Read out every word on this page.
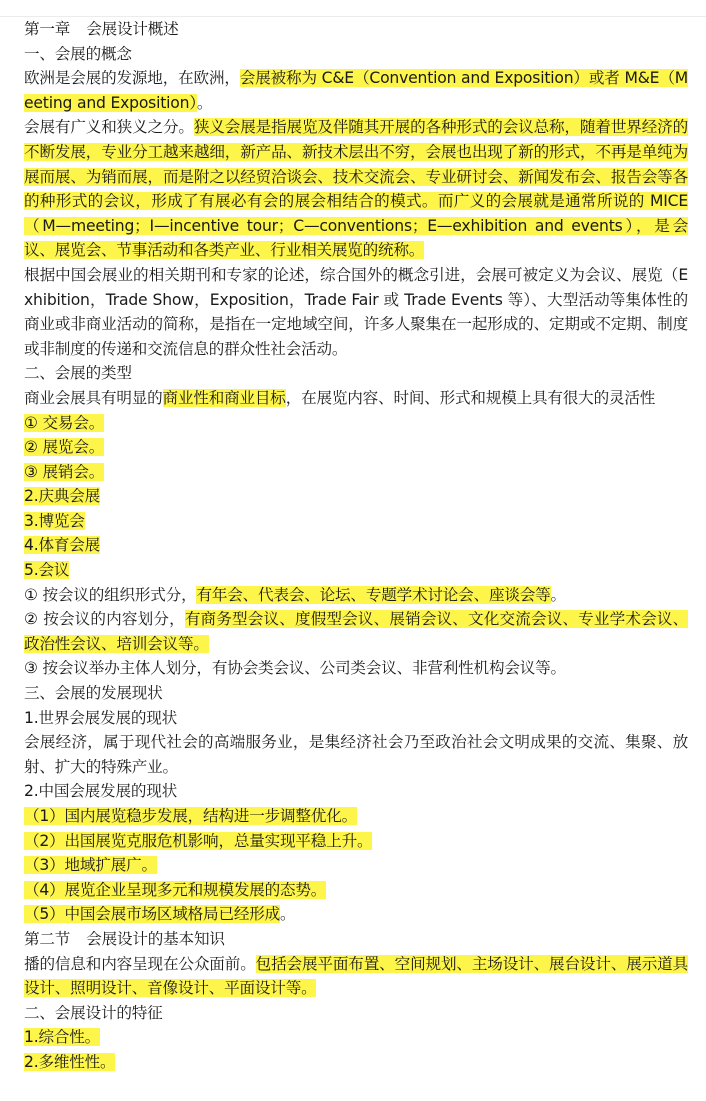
第一章 会展设计概述

一、会展的概念

欧洲是会展的发源地，在欧洲，会展被称为 C&E（Convention and Exposition）或者 M&E（Meeting and Exposition）。

会展有广义和狭义之分。狭义会展是指展览及伴随其开展的各种形式的会议总称，随着世界经济的不断发展，专业分工越来越细，新产品、新技术层出不穷，会展也出现了新的形式，不再是单纯为展而展、为销而展，而是附之以经贸洽谈会、技术交流会、专业研讨会、新闻发布会、报告会等各的种形式的会议，形成了有展必有会的展会相结合的模式。而广义的会展就是通常所说的 MICE（M—meeting；I—incentive tour；C—conventions；E—exhibition and events），是会议、展览会、节事活动和各类产业、行业相关展览的统称。

根据中国会展业的相关期刊和专家的论述，综合国外的概念引进，会展可被定义为会议、展览（Exhibition，Trade Show，Exposition，Trade Fair 或 Trade Events 等）、大型活动等集体性的商业或非商业活动的简称，是指在一定地域空间，许多人聚集在一起形成的、定期或不定期、制度或非制度的传递和交流信息的群众性社会活动。

二、会展的类型

商业会展具有明显的商业性和商业目标，在展览内容、时间、形式和规模上具有很大的灵活性

① 交易会。

② 展览会。

③ 展销会。

2.庆典会展

3.博览会

4.体育会展

5.会议

① 按会议的组织形式分，有年会、代表会、论坛、专题学术讨论会、座谈会等。

② 按会议的内容划分，有商务型会议、度假型会议、展销会议、文化交流会议、专业学术会议、政治性会议、培训会议等。

③ 按会议举办主体人划分，有协会类会议、公司类会议、非营利性机构会议等。

三、会展的发展现状

1.世界会展发展的现状

会展经济，属于现代社会的高端服务业，是集经济社会乃至政治社会文明成果的交流、集聚、放射、扩大的特殊产业。

2.中国会展发展的现状

（1）国内展览稳步发展，结构进一步调整优化。

（2）出国展览克服危机影响，总量实现平稳上升。

（3）地域扩展广。

（4）展览企业呈现多元和规模发展的态势。

（5）中国会展市场区域格局已经形成。

第二节 会展设计的基本知识

播的信息和内容呈现在公众面前。包括会展平面布置、空间规划、主场设计、展台设计、展示道具设计、照明设计、音像设计、平面设计等。

二、会展设计的特征

1.综合性。

2.多维性性。
